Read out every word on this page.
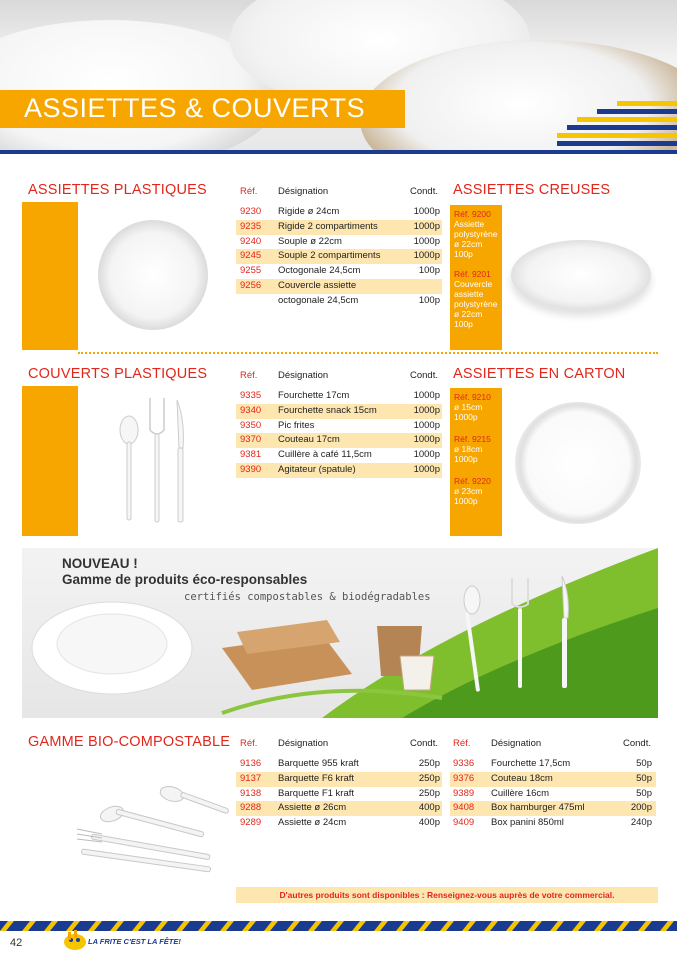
ASSIETTES & COUVERTS
ASSIETTES PLASTIQUES	Réf. Désignation	Condt.
9230 Rigide ø 24cm	1000p
9235 Rigide 2 compartiments	1000p
9240 Souple ø 22cm	1000p
9245 Souple 2 compartiments	1000p
9255 Octogonale 24,5cm	100p
9256 Couvercle assiette
octogonale 24,5cm	100p
ASSIETTES CREUSES
Réf. 9200
Assiette
polystyrène
ø 22cm
100p
Réf. 9201
Couvercle
assiette
polystyrène
ø 22cm
100p
COUVERTS PLASTIQUES	Réf. Désignation	Condt.
9335 Fourchette 17cm	1000p
9340 Fourchette snack 15cm	1000p
9350 Pic frites	1000p
9370 Couteau 17cm	1000p
9381 Cuillère à café 11,5cm	1000p
9390 Agitateur (spatule)	1000p
ASSIETTES EN CARTON
Réf. 9210
ø 15cm
1000p
Réf. 9215
ø 18cm
1000p
Réf. 9220
ø 23cm
1000p
NOUVEAU !
Gamme de produits éco-responsables
certifiés compostables & biodégradables
GAMME BIO-COMPOSTABLE Réf. Désignation	Condt. Réf. Désignation	Condt.
9136 Barquette 955 kraft	250p
9137 Barquette F6 kraft	250p
9138 Barquette F1 kraft	250p
9288 Assiette ø 26cm	400p
9289 Assiette ø 24cm	400p
9336 Fourchette 17,5cm	50p
9376 Couteau 18cm	50p
9389 Cuillère 16cm	50p
9408 Box hamburger 475ml	200p
9409 Box panini 850ml	240p
D'autres produits sont disponibles : Renseignez-vous auprès de votre commercial.
42	LA FRITE C'EST LA FÊTE!
